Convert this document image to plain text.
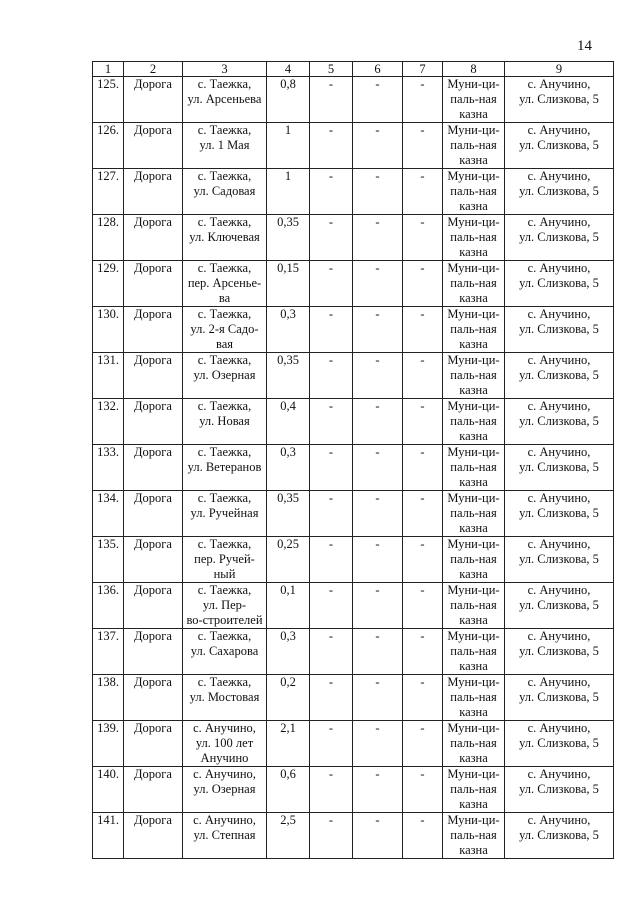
14
1	2	3	4	5	6	7	8	9
125.	Дорога	с. Таежка,
ул. Арсеньева	0,8	-	-	-	Муни-ци-
паль-ная
казна	с. Анучино,
ул. Слизкова, 5

126.	Дорога	с. Таежка,
ул. 1 Мая	1	-	-	-	Муни-ци-
паль-ная
казна	с. Анучино,
ул. Слизкова, 5

127.	Дорога	с. Таежка,
ул. Садовая	1	-	-	-	Муни-ци-
паль-ная
казна	с. Анучино,
ул. Слизкова, 5

128.	Дорога	с. Таежка,
ул. Ключевая	0,35	-	-	-	Муни-ци-
паль-ная
казна	с. Анучино,
ул. Слизкова, 5

129.	Дорога	с. Таежка,
пер. Арсенье-
ва	0,15	-	-	-	Муни-ци-
паль-ная
казна	с. Анучино,
ул. Слизкова, 5

130.	Дорога	с. Таежка,
ул. 2-я Садо-
вая	0,3	-	-	-	Муни-ци-
паль-ная
казна	с. Анучино,
ул. Слизкова, 5

131.	Дорога	с. Таежка,
ул. Озерная	0,35	-	-	-	Муни-ци-
паль-ная
казна	с. Анучино,
ул. Слизкова, 5

132.	Дорога	с. Таежка,
ул. Новая	0,4	-	-	-	Муни-ци-
паль-ная
казна	с. Анучино,
ул. Слизкова, 5

133.	Дорога	с. Таежка,
ул. Ветеранов	0,3	-	-	-	Муни-ци-
паль-ная
казна	с. Анучино,
ул. Слизкова, 5

134.	Дорога	с. Таежка,
ул. Ручейная	0,35	-	-	-	Муни-ци-
паль-ная
казна	с. Анучино,
ул. Слизкова, 5

135.	Дорога	с. Таежка,
пер. Ручей-
ный	0,25	-	-	-	Муни-ци-
паль-ная
казна	с. Анучино,
ул. Слизкова, 5

136.	Дорога	с. Таежка,
ул. Пер-
во-строителей	0,1	-	-	-	Муни-ци-
паль-ная
казна	с. Анучино,
ул. Слизкова, 5

137.	Дорога	с. Таежка,
ул. Сахарова	0,3	-	-	-	Муни-ци-
паль-ная
казна	с. Анучино,
ул. Слизкова, 5

138.	Дорога	с. Таежка,
ул. Мостовая	0,2	-	-	-	Муни-ци-
паль-ная
казна	с. Анучино,
ул. Слизкова, 5

139.	Дорога	с. Анучино,
ул. 100 лет
Анучино	2,1	-	-	-	Муни-ци-
паль-ная
казна	с. Анучино,
ул. Слизкова, 5

140.	Дорога	с. Анучино,
ул. Озерная	0,6	-	-	-	Муни-ци-
паль-ная
казна	с. Анучино,
ул. Слизкова, 5

141.	Дорога	с. Анучино,
ул. Степная	2,5	-	-	-	Муни-ци-
паль-ная
казна	с. Анучино,
ул. Слизкова, 5
